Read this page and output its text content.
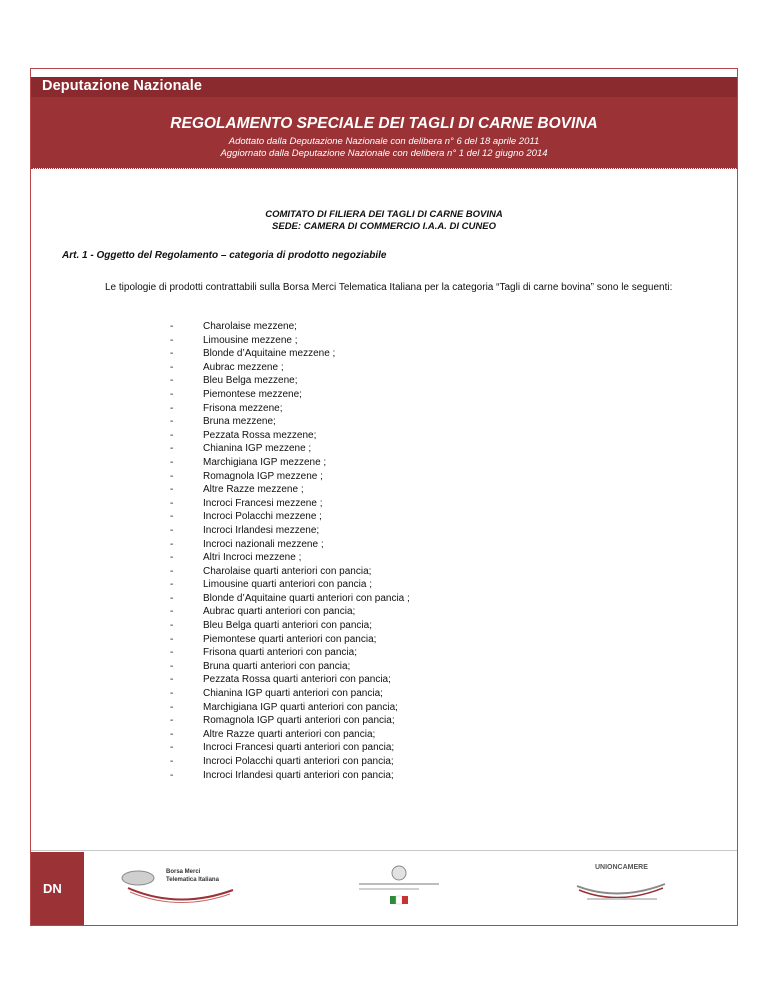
Deputazione Nazionale
REGOLAMENTO SPECIALE DEI TAGLI DI CARNE BOVINA
Adottato dalla Deputazione Nazionale con delibera n° 6 del 18 aprile 2011
Aggiornato dalla Deputazione Nazionale con delibera n° 1 del 12 giugno 2014
COMITATO DI FILIERA DEI TAGLI DI CARNE BOVINA
SEDE: CAMERA DI COMMERCIO I.A.A. DI CUNEO
Art. 1 - Oggetto del Regolamento – categoria di prodotto negoziabile
Le tipologie di prodotti contrattabili sulla Borsa Merci Telematica Italiana per la categoria “Tagli di carne bovina” sono le seguenti:
-	Charolaise mezzene;
-	Limousine mezzene ;
-	Blonde d’Aquitaine mezzene ;
-	Aubrac mezzene ;
-	Bleu Belga mezzene;
-	Piemontese mezzene;
-	Frisona mezzene;
-	Bruna mezzene;
-	Pezzata Rossa mezzene;
-	Chianina IGP mezzene ;
-	Marchigiana IGP mezzene ;
-	Romagnola IGP mezzene ;
-	Altre Razze mezzene ;
-	Incroci Francesi mezzene ;
-	Incroci Polacchi mezzene ;
-	Incroci Irlandesi mezzene;
-	Incroci nazionali mezzene ;
-	Altri Incroci mezzene ;
-	Charolaise quarti anteriori con pancia;
-	Limousine quarti anteriori con pancia ;
-	Blonde d’Aquitaine quarti anteriori con pancia ;
-	Aubrac quarti anteriori con pancia;
-	Bleu Belga quarti anteriori con pancia;
-	Piemontese quarti anteriori con pancia;
-	Frisona quarti anteriori con pancia;
-	Bruna quarti anteriori con pancia;
-	Pezzata Rossa quarti anteriori con pancia;
-	Chianina IGP quarti anteriori con pancia;
-	Marchigiana IGP quarti anteriori con pancia;
-	Romagnola IGP quarti anteriori con pancia;
-	Altre Razze quarti anteriori con pancia;
-	Incroci Francesi quarti anteriori con pancia;
-	Incroci Polacchi quarti anteriori con pancia;
-	Incroci Irlandesi quarti anteriori con pancia;
DN
Borsa Merci
Telematica Italiana
UNIONCAMERE
